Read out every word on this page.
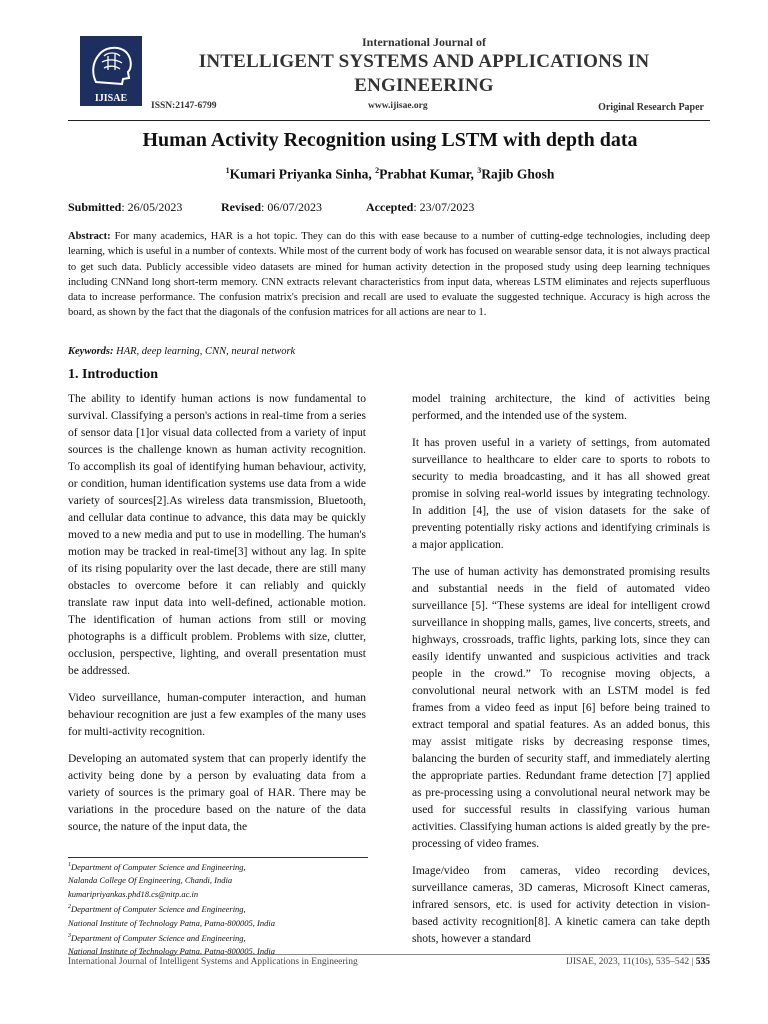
IJISAE
International Journal of
INTELLIGENT SYSTEMS AND APPLICATIONS IN ENGINEERING
ISSN:2147-6799	www.ijisae.org	Original Research Paper
Human Activity Recognition using LSTM with depth data
$^1$Kumari Priyanka Sinha, $^2$Prabhat Kumar, $^3$Rajib Ghosh
Submitted: 26/05/2023	Revised: 06/07/2023	Accepted: 23/07/2023
Abstract: For many academics, HAR is a hot topic. They can do this with ease because to a number of cutting-edge technologies, including deep learning, which is useful in a number of contexts. While most of the current body of work has focused on wearable sensor data, it is not always practical to get such data. Publicly accessible video datasets are mined for human activity detection in the proposed study using deep learning techniques including CNNand long short-term memory. CNN extracts relevant characteristics from input data, whereas LSTM eliminates and rejects superfluous data to increase performance. The confusion matrix's precision and recall are used to evaluate the suggested technique. Accuracy is high across the board, as shown by the fact that the diagonals of the confusion matrices for all actions are near to 1.
Keywords: HAR, deep learning, CNN, neural network
1. Introduction

The ability to identify human actions is now fundamental to survival. Classifying a person's actions in real-time from a series of sensor data [1]or visual data collected from a variety of input sources is the challenge known as human activity recognition. To accomplish its goal of identifying human behaviour, activity, or condition, human identification systems use data from a wide variety of sources[2].As wireless data transmission, Bluetooth, and cellular data continue to advance, this data may be quickly moved to a new media and put to use in modelling. The human's motion may be tracked in real-time[3] without any lag. In spite of its rising popularity over the last decade, there are still many obstacles to overcome before it can reliably and quickly translate raw input data into well-defined, actionable motion. The identification of human actions from still or moving photographs is a difficult problem. Problems with size, clutter, occlusion, perspective, lighting, and overall presentation must be addressed.

Video surveillance, human-computer interaction, and human behaviour recognition are just a few examples of the many uses for multi-activity recognition.

Developing an automated system that can properly identify the activity being done by a person by evaluating data from a variety of sources is the primary goal of HAR. There may be variations in the procedure based on the nature of the data source, the nature of the input data, the

model training architecture, the kind of activities being performed, and the intended use of the system.

It has proven useful in a variety of settings, from automated surveillance to healthcare to elder care to sports to robots to security to media broadcasting, and it has all showed great promise in solving real-world issues by integrating technology. In addition [4], the use of vision datasets for the sake of preventing potentially risky actions and identifying criminals is a major application.

The use of human activity has demonstrated promising results and substantial needs in the field of automated video surveillance [5]. “These systems are ideal for intelligent crowd surveillance in shopping malls, games, live concerts, streets, and highways, crossroads, traffic lights, parking lots, since they can easily identify unwanted and suspicious activities and track people in the crowd.” To recognise moving objects, a convolutional neural network with an LSTM model is fed frames from a video feed as input [6] before being trained to extract temporal and spatial features. As an added bonus, this may assist mitigate risks by decreasing response times, balancing the burden of security staff, and immediately alerting the appropriate parties. Redundant frame detection [7] applied as pre-processing using a convolutional neural network may be used for successful results in classifying various human activities. Classifying human actions is aided greatly by the pre-processing of video frames.

Image/video from cameras, video recording devices, surveillance cameras, 3D cameras, Microsoft Kinect cameras, infrared sensors, etc. is used for activity detection in vision-based activity recognition[8]. A kinetic camera can take depth shots, however a standard

$^1$Department of Computer Science and Engineering,
Nalanda College Of Engineering, Chandi, India
kumaripriyankas.phd18.cs@nitp.ac.in
$^2$Department of Computer Science and Engineering,
National Institute of Technology Patna, Patna-800005, India
$^3$Department of Computer Science and Engineering,
National Institute of Technology Patna, Patna-800005, India
International Journal of Intelligent Systems and Applications in Engineering	IJISAE, 2023, 11(10s), 535–542 | 535
